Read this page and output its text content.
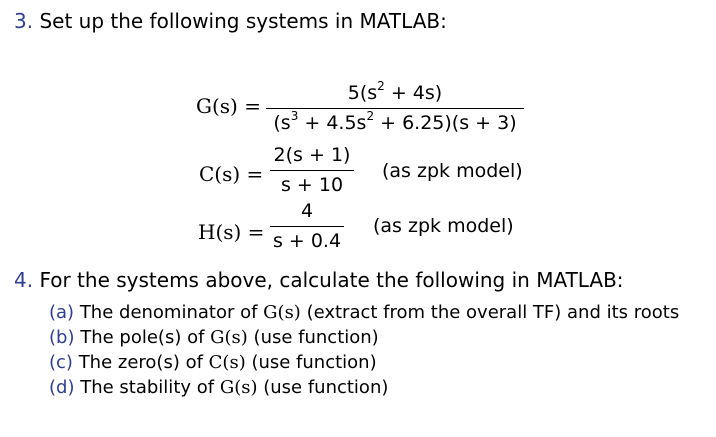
3. Set up the following systems in MATLAB:
G(s) =
$5(s^2 + 4s)$
$(s^3 + 4.5s^2 + 6.25)(s + 3)$
C(s) =
2(s + 1)
s + 10
(as zpk model)
H(s) =
4
s + 0.4
(as zpk model)
4. For the systems above, calculate the following in MATLAB:
(a) The denominator of G(s) (extract from the overall TF) and its roots
(b) The pole(s) of G(s) (use function)
(c) The zero(s) of C(s) (use function)
(d) The stability of G(s) (use function)
